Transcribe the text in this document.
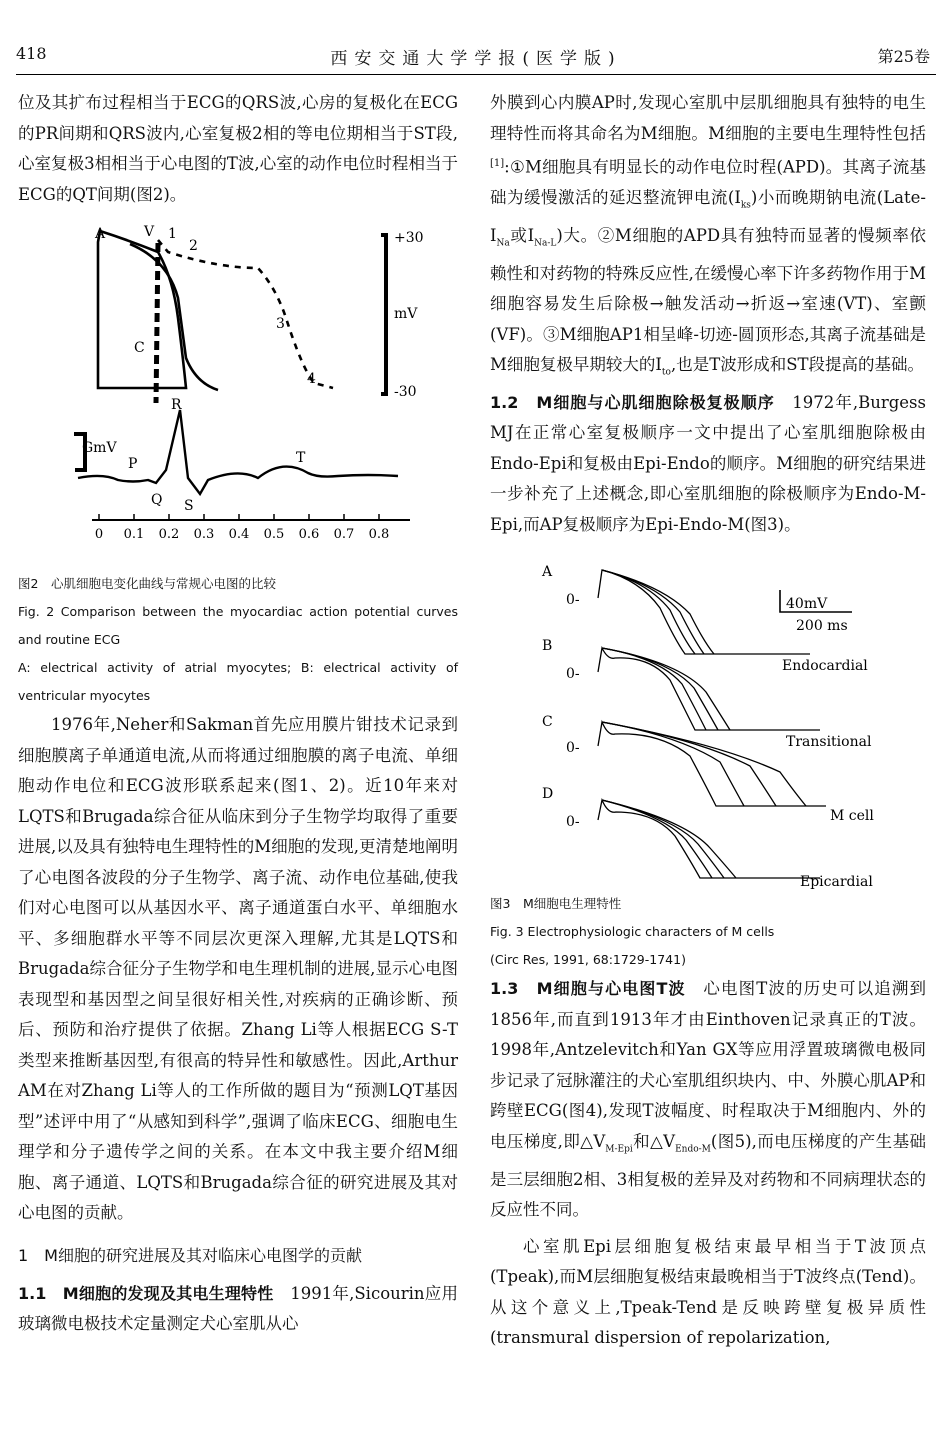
418	西安交通大学学报(医学版)	第25卷

位及其扩布过程相当于ECG的QRS波,心房的复极化在ECG的PR间期和QRS波内,心室复极2相的等电位期相当于ST段,心室复极3相相当于心电图的T波,心室的动作电位时程相当于ECG的QT间期(图2)。

A	V 1
2
3
4
C
+30
mV
-30
R
GmV
P	T
Q S
0 0.1 0.2 0.3 0.4 0.5 0.6 0.7 0.8
图2　心肌细胞电变化曲线与常规心电图的比较
Fig. 2 Comparison between the myocardiac action potential curves and routine ECG
A: electrical activity of atrial myocytes; B: electrical activity of ventricular myocytes

1976年,Neher和Sakman首先应用膜片钳技术记录到细胞膜离子单通道电流,从而将通过细胞膜的离子电流、单细胞动作电位和ECG波形联系起来(图1、2)。近10年来对LQTS和Brugada综合征从临床到分子生物学均取得了重要进展,以及具有独特电生理特性的M细胞的发现,更清楚地阐明了心电图各波段的分子生物学、离子流、动作电位基础,使我们对心电图可以从基因水平、离子通道蛋白水平、单细胞水平、多细胞群水平等不同层次更深入理解,尤其是LQTS和Brugada综合征分子生物学和电生理机制的进展,显示心电图表现型和基因型之间呈很好相关性,对疾病的正确诊断、预后、预防和治疗提供了依据。Zhang Li等人根据ECG S-T类型来推断基因型,有很高的特异性和敏感性。因此,Arthur AM在对Zhang Li等人的工作所做的题目为“预测LQT基因型”述评中用了“从感知到科学”,强调了临床ECG、细胞电生理学和分子遗传学之间的关系。在本文中我主要介绍M细胞、离子通道、LQTS和Brugada综合征的研究进展及其对心电图的贡献。

1　M细胞的研究进展及其对临床心电图学的贡献

1.1　M细胞的发现及其电生理特性　1991年,Sicourin应用玻璃微电极技术定量测定犬心室肌从心

外膜到心内膜AP时,发现心室肌中层肌细胞具有独特的电生理特性而将其命名为M细胞。M细胞的主要电生理特性包括[1]:①M细胞具有明显长的动作电位时程(APD)。其离子流基础为缓慢激活的延迟整流钾电流$(I_{ks})$小而晚期钠电流($Late-I_{Na}$或$I_{Na-L}$)大。②M细胞的APD具有独特而显著的慢频率依赖性和对药物的特殊反应性,在缓慢心率下许多药物作用于M细胞容易发生后除极→触发活动→折返→室速(VT)、室颤(VF)。③M细胞AP1相呈峰-切迹-圆顶形态,其离子流基础是M细胞复极早期较大的$I_{to}$,也是T波形成和ST段提高的基础。

1.2　M细胞与心肌细胞除极复极顺序　1972年,Burgess MJ在正常心室复极顺序一文中提出了心室肌细胞除极由Endo-Epi和复极由Epi-Endo的顺序。M细胞的研究结果进一步补充了上述概念,即心室肌细胞的除极顺序为Endo-M-Epi,而AP复极顺序为Epi-Endo-M(图3)。

A
0-
B
0-
C
0-
D
0-
40mV
200 ms
Endocardial
Transitional
M cell
Epicardial
图3　M细胞电生理特性
Fig. 3 Electrophysiologic characters of M cells
(Circ Res, 1991, 68:1729-1741)

1.3　M细胞与心电图T波　心电图T波的历史可以追溯到1856年,而直到1913年才由Einthoven记录真正的T波。1998年,Antzelevitch和Yan GX等应用浮置玻璃微电极同步记录了冠脉灌注的犬心室肌组织块内、中、外膜心肌AP和跨壁ECG(图4),发现T波幅度、时程取决于M细胞内、外的电压梯度,即$\triangle V_{M-Epi}$和$\triangle V_{Endo-M}$(图5),而电压梯度的产生基础是三层细胞2相、3相复极的差异及对药物和不同病理状态的反应性不同。

心室肌Epi层细胞复极结束最早相当于T波顶点(Tpeak),而M层细胞复极结束最晚相当于T波终点(Tend)。从这个意义上,Tpeak-Tend是反映跨壁复极异质性(transmural dispersion of repolarization,
